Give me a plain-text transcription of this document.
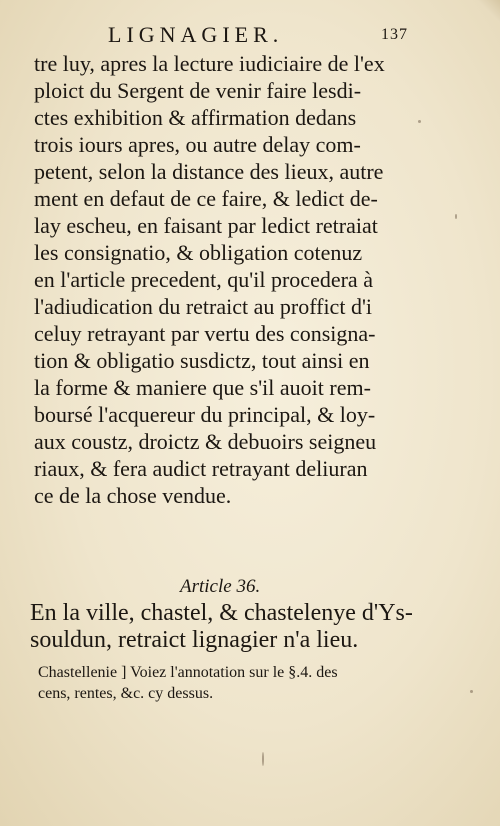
LIGNAGIER.	137
tre luy, apres la lecture iudiciaire de l'ex
ploict du Sergent de venir faire lesdi-
ctes exhibition & affirmation dedans
trois iours apres, ou autre delay com-
petent, selon la distance des lieux, autre
ment en defaut de ce faire, & ledict de-
lay escheu, en faisant par ledict retraiat
les consignatio, & obligation cotenuz
en l'article precedent, qu'il procedera à
l'adiudication du retraict au proffict d'i
celuy retrayant par vertu des consigna-
tion & obligatio susdictz, tout ainsi en
la forme & maniere que s'il auoit rem-
boursé l'acquereur du principal, & loy-
aux coustz, droictz & debuoirs seigneu
riaux, & fera audict retrayant deliuran
ce de la chose vendue.
Article 36.
En la ville, chastel, & chastelenye d'Ys-
souldun, retraict lignagier n'a lieu.
Chastellenie ] Voiez l'annotation sur le §.4. des
cens, rentes, &c. cy dessus.
